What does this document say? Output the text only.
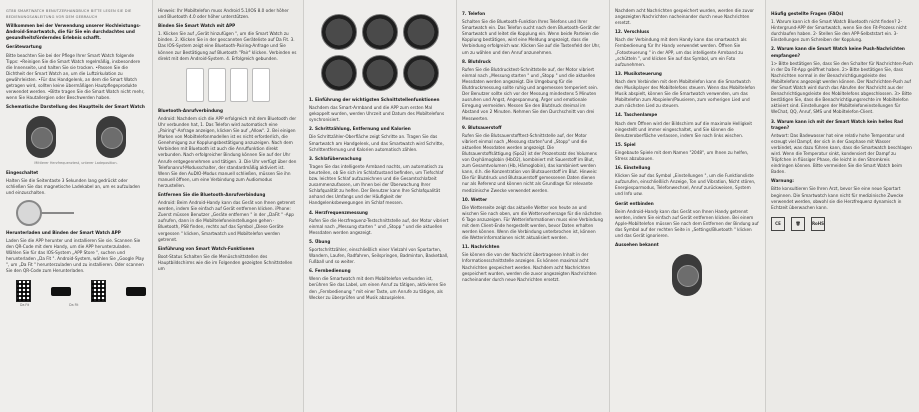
GT88 SMARTWATCH BENUTZERHANDBUCH BITTE LESEN SIE DIE BEDIENUNGSANLEITUNG VOR DEM GEBRAUCH

Willkommen bei der Verwendung unserer Hochleistungs-Android-Smartwatch, die für Sie ein durchdachtes und gesundheitsförderndes Erlebnis schafft.

Gerätewartung

Bitte beachten Sie bei der Pflege Ihrer Smart Watch folgende Tipps: •Reinigen Sie die Smart Watch regelmäßig, insbesondere die Innenseite, und halten Sie sie trocken. •Passen Sie die Dichtheit der Smart Watch an, um die Luftzirkulation zu gewährleisten. •Für das Handgelenk, an dem die Smart Watch getragen wird, sollten keine übermäßigen Hautpflegeprodukte verwendet werden. •Bitte tragen Sie die Smart Watch nicht mehr, wenn Sie Hautallergien oder Beschwerden haben.

Schematische Darstellung des Hauptteils der Smart Watch

Mittlerer Herzfrequenztest, unterer Ladeposition.

Eingeschaltet

Halten Sie die Seitentaste 3 Sekunden lang gedrückt oder schließen Sie das magnetische Ladekabel an, um es aufzuladen und einzuschalten.

Herunterladen und Binden der Smart Watch APP

Laden Sie die APP herunter und installieren Sie sie. Scannen Sie den QR-Code mit dem Handy, um die APP herunterzuladen. Wählen Sie für das IOS-System „APP Store ", suchen und herunterladen „Da Fit ". Android-System, wählen Sie „Google Play ", um „Da Fit " herunterzuladen und zu installieren. Oder scannen Sie den QR-Code zum Herunterladen.

Da Fit	Da Fit

Hinweis: Ihr Mobiltelefon muss Android 5.1/IOS 8.0 oder höher und Bluetooth 4.0 oder höher unterstützen.

Binden Sie Smart Watch mit APP

1. Klicken Sie auf „Gerät hinzufügen ", um die Smart Watch zu binden. 2. Klicken Sie in der gescannten Geräteliste auf Da Fit. 3. Das IOS-System zeigt eine Bluetooth-Pairing-Anfrage und Sie können zur Bestätigung auf Bluetooth "Pair" klicken. Verbinden es direkt mit dem Android-System. 4. Erfolgreich gebunden.

Bluetooth-Anrufverbindung

Android: Nachdem sich die APP erfolgreich mit dem Bluetooth der Uhr verbunden hat, 1. Das Telefon wird automatisch eine „Pairing"-Anfrage anzeigen, klicken Sie auf „Allow". 2. Bei einigen Marken von Mobiltelefonmodellen ist es nicht erforderlich, die Genehmigung zur Kopplungsbestätigung anzuzeigen. Nach dem Verbinden mit Bluetooth ist auch die Anruffunktion direkt verbunden. Nach erfolgreicher Bindung können Sie auf der Uhr Anrufe entgegennehmen und tätigen. 3. Die Uhr verfügt über den Telefonanruf-Modusschalter, der standardmäßig aktiviert ist. Wenn Sie den AuDIO-Modus manuell schließen, müssen Sie ihn manuell öffnen, um eine Verbindung zum Audiomodus herzustellen.

Entfernen Sie die Bluetooth-Anrufverbindung

Android: Beim Android-Handy kann das Gerät von Ihnen getrennt werden, indem Sie einfach auf Gerät entfernen klicken. iPhone: Zuerst müssen Benutzer „Geräte entfernen " in der „DaFit " -App aufrufen, dann in die Mobiltelefoneinstellungen gehen · Bluetooth, PS8 finden, rechts auf das Symbol „Diese Geräte vergessen " klicken, Smartwatch und Mobiltelefon werden getrennt.

Einführung von Smart Watch-Funktionen

Boot-Status Schalten Sie die Menüschnittstellen des Hauptbildschirms wie die im Folgenden gezeigten Schnittstellen um

1. Einführung der wichtigsten Schnittstellenfunktionen

Nachdem das Smart-Armband und die APP zum ersten Mal gekoppelt wurden, werden Uhrzeit und Datum des Mobiltelefons synchronisiert.

2. Schrittzählung, Entfernung und Kalorien

Die Schrittzähler-Oberfläche zeigt Schritte an. Tragen Sie das Smartwatch am Handgelenk, und das Smartwatch wird Schritte, Schrittentfernung und Kalorien automatisch zählen.

3. Schlafüberwachung

Tragen Sie das intelligente Armband nachts, um automatisch zu beurteilen, ob Sie sich im Schlafzustand befinden, um Tiefschlaf bzw. leichten Schlaf aufzuzeichnen und die Gesamtschlafzeit zusammenzufassen, um Ihnen bei der Überwachung Ihrer Schlafqualität zu helfen. Der Benutzer kann Ihre Schlafqualität anhand des Umfangs und der Häufigkeit der Handgelenksbewegungen im Schlaf messen.

4. Herzfrequenzmessung

Rufen Sie die Herzfrequenz-Testschnittstelle auf, der Motor vibriert einmal nach „Messung starten " und „Stopp " und die aktuellen Messdaten werden angezeigt.

5. Übung

Sportschrittzähler, einschließlich einer Vielzahl von Sportarten, Wandern, Laufen, Radfahren, Seilspringen, Badminton, Basketball, Fußball und so weiter.

6. Fernbedienung

Wenn die Smartwatch mit dem Mobiltelefon verbunden ist, berühren Sie das Label, um einen Anruf zu tätigen, aktivieren Sie den „Fernbedienung " mit einer Taste, um Anrufe zu tätigen, als Wecker zu überprüfen und Musik abzuspielen.

7. Telefon

Schalten Sie die Bluetooth-Funktion Ihres Telefons und Ihrer Smartwatch ein. Das Telefon sucht nach dem Bluetooth-Gerät der Smartwatch und leitet die Kopplung ein. Wenn beide Parteien die Kopplung bestätigen, wird eine Meldung angezeigt, dass die Verbindung erfolgreich war. Klicken Sie auf die Tastenfeld der Uhr, um zu wählen und den Anruf anzunehmen.

8. Blutdruck

Rufen Sie die Blutdrucktest-Schnittstelle auf, der Motor vibriert einmal nach „Messung starten " und „Stopp " und die aktuellen Messdaten werden angezeigt. Die Umgebung für die Blutdruckmessung sollte ruhig und angemessen temperiert sein. Der Benutzer sollte sich vor der Messung mindestens 5 Minuten ausruhen und Angst, Angespannung, Ärger und emotionale Erregung vermeiden. Messen Sie den Blutdruck dreimal im Abstand von 2 Minuten. Nehmen Sie den Durchschnitt von drei Messwerten.

9. Blutsauerstoff

Rufen Sie die Blutsauerstofftest-Schnittstelle auf, der Motor vibriert einmal nach „Messung starten"und „Stopp" und die aktuellen Messdaten werden angezeigt. Die Blutsauerstoffsättigung (Spo2) ist der Prozentsatz des Volumens von Oxyhämoglobin (HbO2), kombiniert mit Sauerstoff im Blut, zum Gesamtvolumen (Hb, Hämoglobin), das kombiniert werden kann, d.h. die Konzentration von Blutsauerstoff im Blut. Hinweis: Die für Blutdruck und Blutsauerstoff gemessenen Daten dienen nur als Referenz und können nicht als Grundlage für relevante medizinische Zwecke verwendet werden.

10. Wetter

Die Wetterseite zeigt das aktuelle Wetter von heute an und wischen Sie nach oben, um die Wettervorhersage für die nächsten 6 Tage anzuzeigen. Für Wetterinformationen muss eine Verbindung mit dem Client-Ende hergestellt werden, bevor Daten erhalten werden können. Wenn die Verbindung unterbrochen ist, können die Wetterinformationen nicht aktualisiert werden.

11. Nachrichten

Sie können die von der Nachricht übertragenen Inhalt in der Informationsschnittstelle anzeigen. Es können maximal acht Nachrichten gespeichert werden. Nachdem acht Nachrichten gespeichert wurden, werden die zuvor angezeigten Nachrichten nacheinander durch neue Nachrichten ersetzt.

Nachdem acht Nachrichten gespeichert wurden, werden die zuvor angezeigten Nachrichten nacheinander durch neue Nachrichten ersetzt.

12. Verschluss

Nach der Verbindung mit dem Handy kann das smartwatch als Fernbedienung für Ihr Handy verwendet werden. Öffnen Sie „Fotosteuerung " in der APP, um das intelligente Armband zu „schütteln ", und klicken Sie auf das Symbol, um ein Foto aufzunehmen.

13. Musiksteuerung

Nach dem Verbinden mit dem Mobiltelefon kann die Smartwatch den Musikplayer des Mobiltelefons steuern. Wenn das Mobiltelefon Musik abspielt, können Sie die Smartwatch verwenden, um das Mobiltelefon zum Abspielen/Pausieren, zum vorherigen Lied und zum nächsten Lied zu steuern.

14. Taschenlampe

Nach dem Öffnen wird der Bildschirm auf die maximale Helligkeit eingestellt und immer eingeschaltet, und Sie können die Benutzeroberfläche verlassen, indem Sie nach links wischen.

15. Spiel

Eingebaute Spiele mit dem Namen "2048", um Ihnen zu helfen, Stress abzubauen.

16. Einstellung

Klicken Sie auf das Symbol „Einstellungen ", um die Funktionsliste aufzurufen, einschließlich Anzeige, Ton und Vibration, Nicht stören, Energiesparmodus, Telefonwechsel, Anruf zurückweisen, System und Info usw.

Gerät entbinden

Beim Android-Handy kann das Gerät von Ihnen Handy getrennt werden, indem Sie einfach auf Gerät entfernen klicken. Bei einem Apple-Mobiltelefon müssen Sie nach dem Entfernen der Bindung auf das Symbol auf der rechten Seite in „Settings/Bluetooth " klicken und das Gerät ignorieren.

Aussehen bekannt

Häufig gestellte Fragen (FAQs)

1. Warum kann ich die Smart Watch Bluetooth nicht finden? 2- Hintergrund-APP der Smartwatch, wenn Sie den Fit-Prozess nicht durchlaufen haben. 2- Stellen Sie den APP-Selbststart ein. 3- Einstellungen zum Schreiben der Kopplung.

2. Warum kann die Smart Watch keine Push-Nachrichten empfangen?

1> Bitte bestätigen Sie, dass Sie den Schalter für Nachrichten-Push in der Da Fit-App geöffnet haben. 2> Bitte bestätigen Sie, dass Nachrichten normal in der Benachrichtigungsleiste des Mobiltelefons angezeigt werden können. Der Nachrichten-Push auf der Smart Watch wird durch das Abrufen der Nachricht aus der Benachrichtigungsleiste des Mobiltelefons abgeschlossen. 3> Bitte bestätigen Sie, dass die Benachrichtigungsrechte im Mobiltelefon aktiviert sind. Einstellungen der Mobiltelefoneinstellungen für WeChat, QQ, Anruf, SMS und Mobiltelefon-Client.

3. Warum kann ich mit der Smart Watch kein helles Rad tragen?

Antwort: Das Badewasser hat eine relativ hohe Temperatur und erzeugt viel Dampf, der sich in der Gasphase mit Wasser verbindet, was dazu führen kann, dass die Smartwatch beschlagen wird. Wenn die Temperatur sinkt, kondensiert der Dampf zu Tröpfchen in flüssiger Phase, die leicht in den Stromkreis eindringen können. Bitte vermeiden Sie die Smart Watch beim Baden.

Warnung:

Bitte konsultieren Sie Ihren Arzt, bevor Sie eine neue Sportart beginnen. Die Smartwatch kann nicht für medizinische Zwecke verwendet werden, obwohl sie die Herzfrequenz dynamisch in Echtzeit überwachen kann.

CE	🗑	RoHS
